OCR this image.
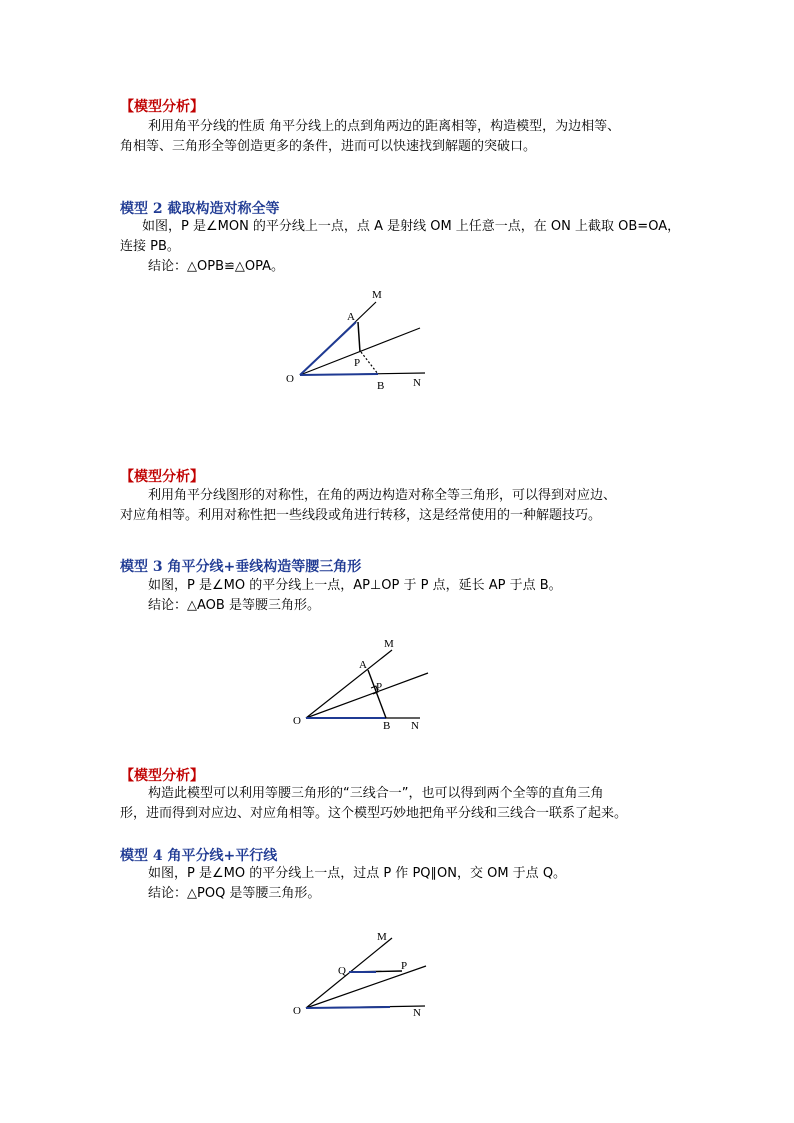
【模型分析】
利用角平分线的性质 角平分线上的点到角两边的距离相等，构造模型，为边相等、
角相等、三角形全等创造更多的条件，进而可以快速找到解题的突破口。
模型 2 截取构造对称全等
如图，P 是∠MON 的平分线上一点，点 A 是射线 OM 上任意一点，在 ON 上截取 OB=OA，
连接 PB。
结论：△OPB≌△OPA。
M
A
P
O
B	N
【模型分析】
利用角平分线图形的对称性，在角的两边构造对称全等三角形，可以得到对应边、
对应角相等。利用对称性把一些线段或角进行转移，这是经常使用的一种解题技巧。
模型 3 角平分线+垂线构造等腰三角形
如图，P 是∠MO 的平分线上一点，AP⊥OP 于 P 点，延长 AP 于点 B。
结论：△AOB 是等腰三角形。
M
A
P
O	B N
【模型分析】
构造此模型可以利用等腰三角形的“三线合一”，也可以得到两个全等的直角三角
形，进而得到对应边、对应角相等。这个模型巧妙地把角平分线和三线合一联系了起来。
模型 4 角平分线+平行线
如图，P 是∠MO 的平分线上一点，过点 P 作 PQ∥ON，交 OM 于点 Q。
结论：△POQ 是等腰三角形。
M
Q	P
O	N
